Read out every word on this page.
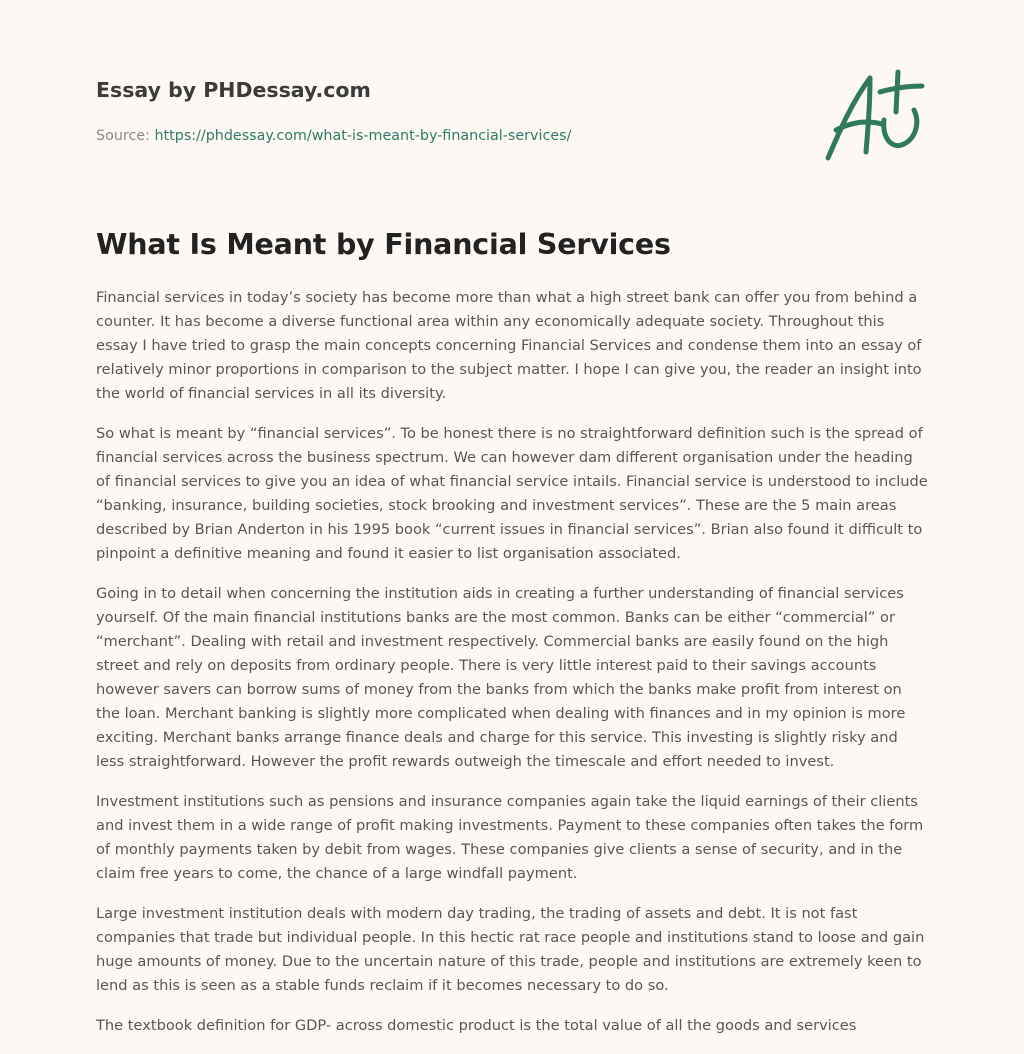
Essay by PHDessay.com
Source: https://phdessay.com/what-is-meant-by-financial-services/
What Is Meant by Financial Services

Financial services in today’s society has become more than what a high street bank can offer you from behind a counter. It has become a diverse functional area within any economically adequate society. Throughout this essay I have tried to grasp the main concepts concerning Financial Services and condense them into an essay of relatively minor proportions in comparison to the subject matter. I hope I can give you, the reader an insight into the world of financial services in all its diversity.

So what is meant by “financial services”. To be honest there is no straightforward definition such is the spread of financial services across the business spectrum. We can however dam different organisation under the heading of financial services to give you an idea of what financial service intails. Financial service is understood to include “banking, insurance, building societies, stock brooking and investment services”. These are the 5 main areas described by Brian Anderton in his 1995 book “current issues in financial services”. Brian also found it difficult to pinpoint a definitive meaning and found it easier to list organisation associated.

Going in to detail when concerning the institution aids in creating a further understanding of financial services yourself. Of the main financial institutions banks are the most common. Banks can be either “commercial” or “merchant”. Dealing with retail and investment respectively. Commercial banks are easily found on the high street and rely on deposits from ordinary people. There is very little interest paid to their savings accounts however savers can borrow sums of money from the banks from which the banks make profit from interest on the loan. Merchant banking is slightly more complicated when dealing with finances and in my opinion is more exciting. Merchant banks arrange finance deals and charge for this service. This investing is slightly risky and less straightforward. However the profit rewards outweigh the timescale and effort needed to invest.

Investment institutions such as pensions and insurance companies again take the liquid earnings of their clients and invest them in a wide range of profit making investments. Payment to these companies often takes the form of monthly payments taken by debit from wages. These companies give clients a sense of security, and in the claim free years to come, the chance of a large windfall payment.

Large investment institution deals with modern day trading, the trading of assets and debt. It is not fast companies that trade but individual people. In this hectic rat race people and institutions stand to loose and gain huge amounts of money. Due to the uncertain nature of this trade, people and institutions are extremely keen to lend as this is seen as a stable funds reclaim if it becomes necessary to do so.

The textbook definition for GDP- across domestic product is the total value of all the goods and services
